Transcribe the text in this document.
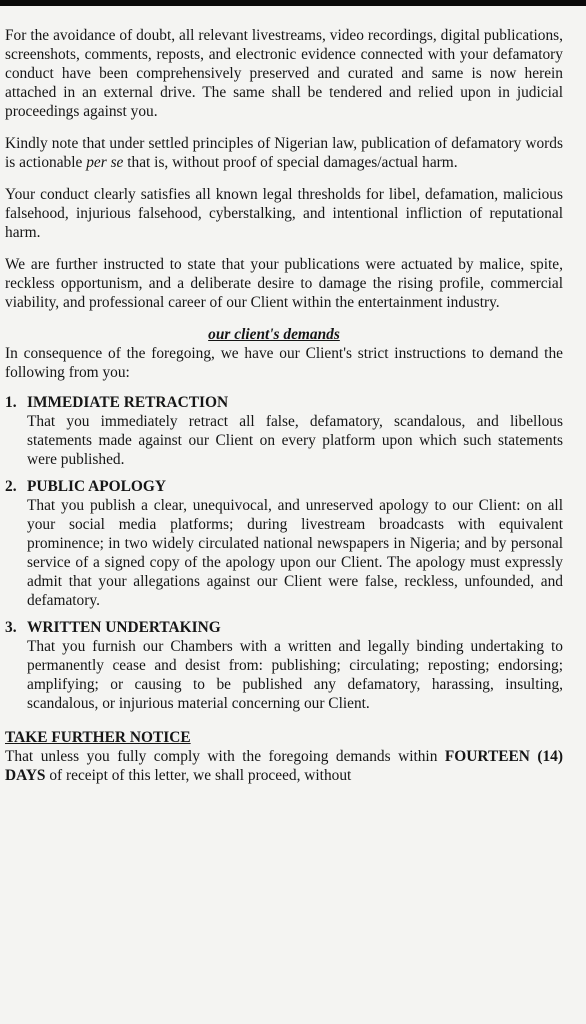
For the avoidance of doubt, all relevant livestreams, video recordings, digital publications, screenshots, comments, reposts, and electronic evidence connected with your defamatory conduct have been comprehensively preserved and curated and same is now herein attached in an external drive. The same shall be tendered and relied upon in judicial proceedings against you.

Kindly note that under settled principles of Nigerian law, publication of defamatory words is actionable per se that is, without proof of special damages/actual harm.

Your conduct clearly satisfies all known legal thresholds for libel, defamation, malicious falsehood, injurious falsehood, cyberstalking, and intentional infliction of reputational harm.

We are further instructed to state that your publications were actuated by malice, spite, reckless opportunism, and a deliberate desire to damage the rising profile, commercial viability, and professional career of our Client within the entertainment industry.

our client's demands

In consequence of the foregoing, we have our Client's strict instructions to demand the following from you:

1. IMMEDIATE RETRACTION
That you immediately retract all false, defamatory, scandalous, and libellous statements made against our Client on every platform upon which such statements were published.
2. PUBLIC APOLOGY
That you publish a clear, unequivocal, and unreserved apology to our Client: on all your social media platforms; during livestream broadcasts with equivalent prominence; in two widely circulated national newspapers in Nigeria; and by personal service of a signed copy of the apology upon our Client. The apology must expressly admit that your allegations against our Client were false, reckless, unfounded, and defamatory.
3. WRITTEN UNDERTAKING
That you furnish our Chambers with a written and legally binding undertaking to permanently cease and desist from: publishing; circulating; reposting; endorsing; amplifying; or causing to be published any defamatory, harassing, insulting, scandalous, or injurious material concerning our Client.

TAKE FURTHER NOTICE

That unless you fully comply with the foregoing demands within FOURTEEN (14) DAYS of receipt of this letter, we shall proceed, without
